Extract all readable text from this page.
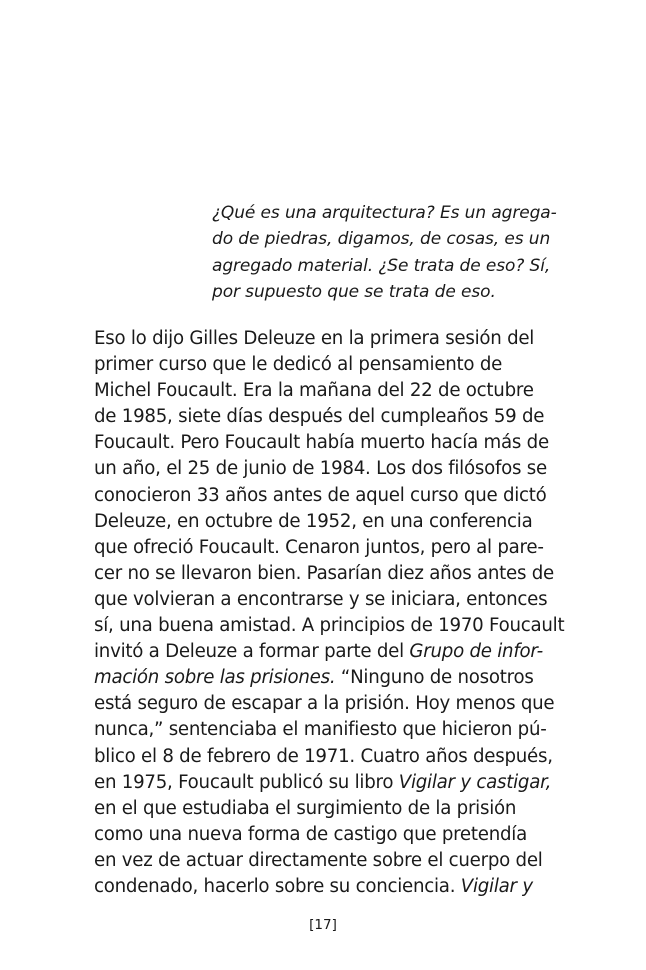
¿Qué es una arquitectura? Es un agrega-
do de piedras, digamos, de cosas, es un
agregado material. ¿Se trata de eso? Sí,
por supuesto que se trata de eso.
Eso lo dijo Gilles Deleuze en la primera sesión del
primer curso que le dedicó al pensamiento de
Michel Foucault. Era la mañana del 22 de octubre
de 1985, siete días después del cumpleaños 59 de
Foucault. Pero Foucault había muerto hacía más de
un año, el 25 de junio de 1984. Los dos filósofos se
conocieron 33 años antes de aquel curso que dictó
Deleuze, en octubre de 1952, en una conferencia
que ofreció Foucault. Cenaron juntos, pero al pare-
cer no se llevaron bien. Pasarían diez años antes de
que volvieran a encontrarse y se iniciara, entonces
sí, una buena amistad. A principios de 1970 Foucault
invitó a Deleuze a formar parte del Grupo de infor-
mación sobre las prisiones. “Ninguno de nosotros
está seguro de escapar a la prisión. Hoy menos que
nunca,” sentenciaba el manifiesto que hicieron pú-
blico el 8 de febrero de 1971. Cuatro años después,
en 1975, Foucault publicó su libro Vigilar y castigar,
en el que estudiaba el surgimiento de la prisión
como una nueva forma de castigo que pretendía
en vez de actuar directamente sobre el cuerpo del
condenado, hacerlo sobre su conciencia. Vigilar y
[17]
